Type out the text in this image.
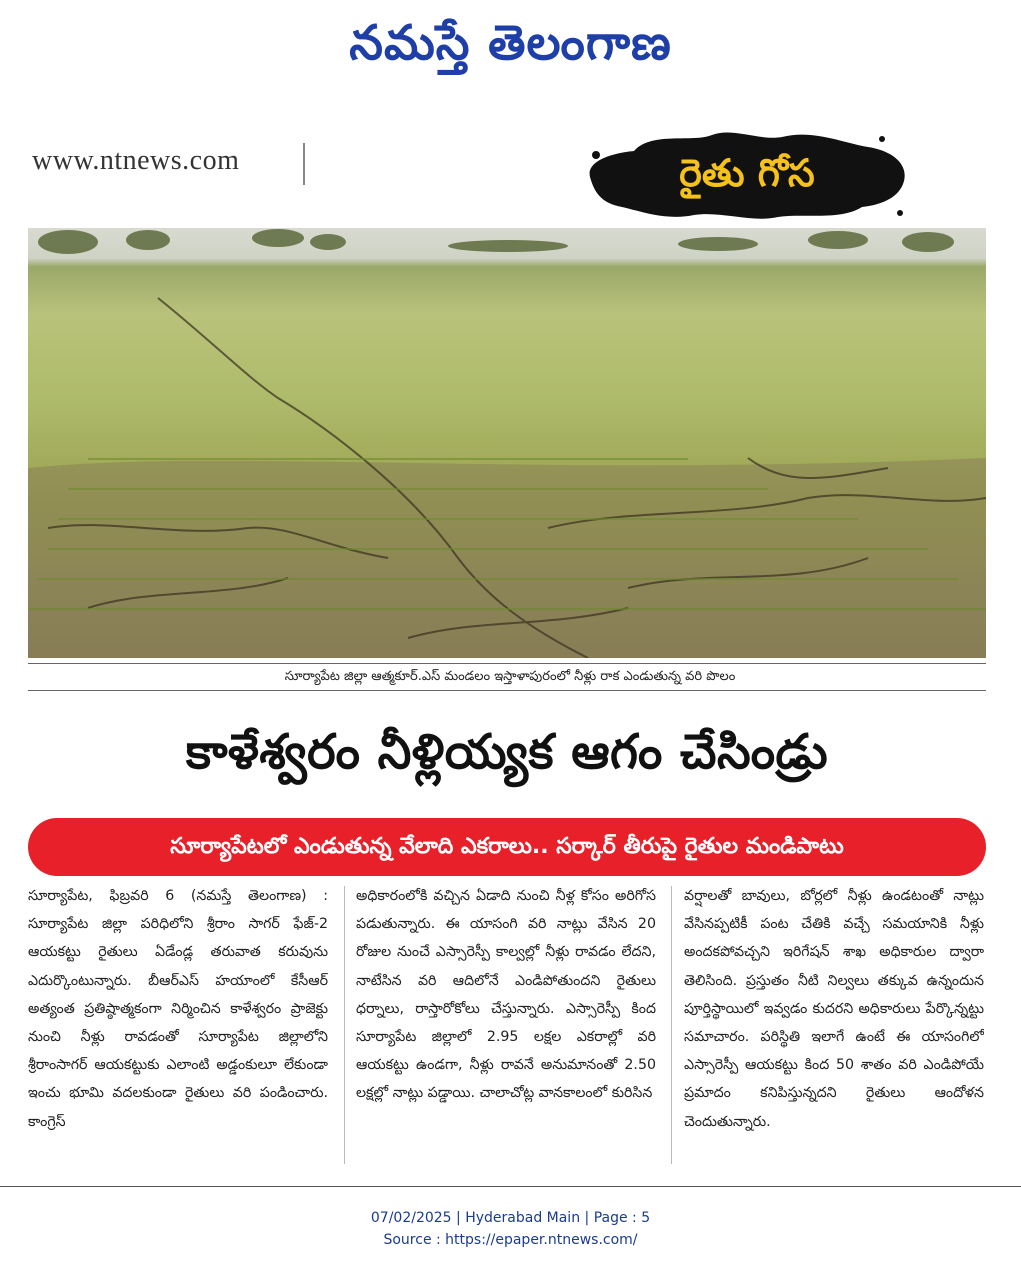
నమస్తే తెలంగాణ
www.ntnews.com	రైతు గోస
సూర్యాపేట జిల్లా ఆత్మకూర్.ఎస్ మండలం ఇస్తాళాపురంలో నీళ్లు రాక ఎండుతున్న వరి పొలం
కాళేశ్వరం నీళ్లియ్యక ఆగం చేసిండ్రు
సూర్యాపేటలో ఎండుతున్న వేలాది ఎకరాలు.. సర్కార్ తీరుపై రైతుల మండిపాటు
సూర్యాపేట, ఫిబ్రవరి 6 (నమస్తే తెలంగాణ) : సూర్యాపేట జిల్లా పరిధిలోని శ్రీరాం సాగర్ ఫేజ్-2 ఆయకట్టు రైతులు ఏడేండ్ల తరువాత కరువును ఎదుర్కొంటున్నారు. బీఆర్ఎస్ హయాంలో కేసీఆర్ అత్యంత ప్రతిష్ఠాత్మకంగా నిర్మించిన కాళేశ్వరం ప్రాజెక్టు నుంచి నీళ్లు రావడంతో సూర్యాపేట జిల్లాలోని శ్రీరాంసాగర్ ఆయకట్టుకు ఎలాంటి అడ్డంకులూ లేకుండా ఇంచు భూమి వదలకుండా రైతులు వరి పండించారు. కాంగ్రెస్
అధికారంలోకి వచ్చిన ఏడాది నుంచి నీళ్ల కోసం అరిగోస పడుతున్నారు. ఈ యాసంగి వరి నాట్లు వేసిన 20 రోజుల నుంచే ఎస్సారెస్పీ కాల్వల్లో నీళ్లు రావడం లేదని, నాటేసిన వరి ఆదిలోనే ఎండిపోతుందని రైతులు ధర్నాలు, రాస్తారోకోలు చేస్తున్నారు. ఎస్సారెస్పీ కింద సూర్యాపేట జిల్లాలో 2.95 లక్షల ఎకరాల్లో వరి ఆయకట్టు ఉండగా, నీళ్లు రావనే అనుమానంతో 2.50 లక్షల్లో నాట్లు పడ్డాయి. చాలాచోట్ల వానకాలంలో కురిసిన
వర్షాలతో బావులు, బోర్లలో నీళ్లు ఉండటంతో నాట్లు వేసినప్పటికీ పంట చేతికి వచ్చే సమయానికి నీళ్లు అందకపోవచ్చని ఇరిగేషన్ శాఖ అధికారుల ద్వారా తెలిసింది. ప్రస్తుతం నీటి నిల్వలు తక్కువ ఉన్నందున పూర్తిస్థాయిలో ఇవ్వడం కుదరని అధికారులు పేర్కొన్నట్టు సమాచారం. పరిస్థితి ఇలాగే ఉంటే ఈ యాసంగిలో ఎస్సారెస్పీ ఆయకట్టు కింద 50 శాతం వరి ఎండిపోయే ప్రమాదం కనిపిస్తున్నదని రైతులు ఆందోళన చెందుతున్నారు.
07/02/2025 | Hyderabad Main | Page : 5
Source : https://epaper.ntnews.com/
